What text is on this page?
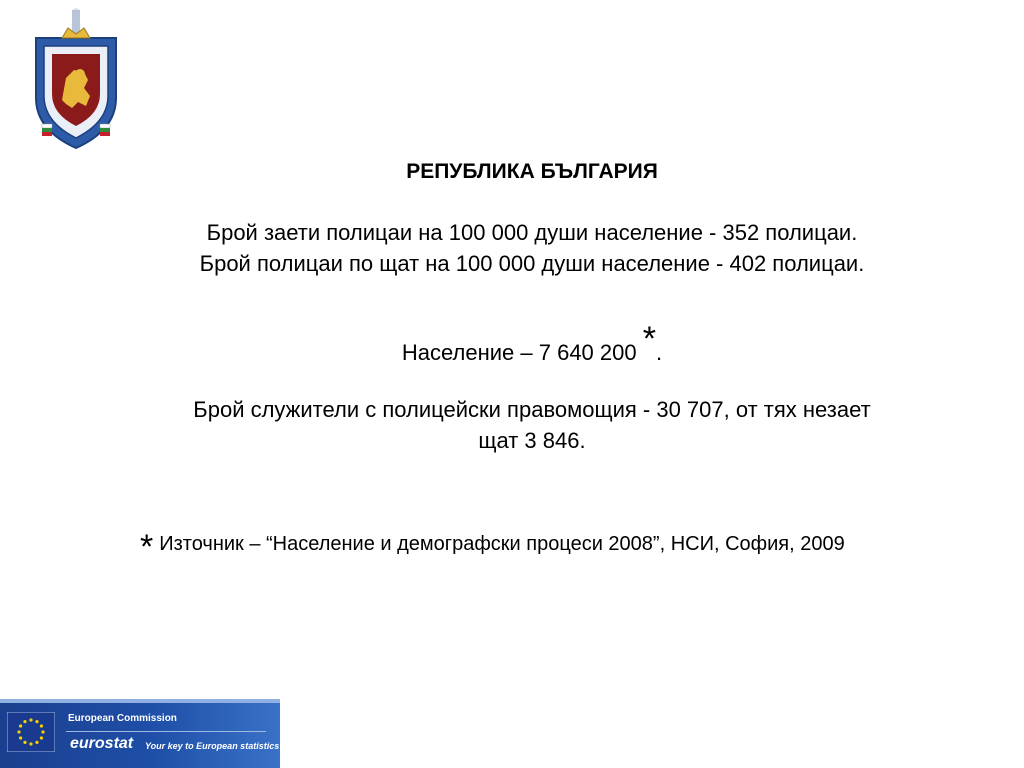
РЕПУБЛИКА БЪЛГАРИЯ
Брой заети полицаи на 100 000 души население - 352 полицаи.
Брой полицаи по щат на 100 000 души население - 402 полицаи.
Население – 7 640 200 *.
Брой служители с полицейски правомощия - 30 707, от тях незает
щат 3 846.
* Източник – “Население и демографски процеси 2008”, НСИ, София, 2009
European Commission
eurostat Your key to European statistics
